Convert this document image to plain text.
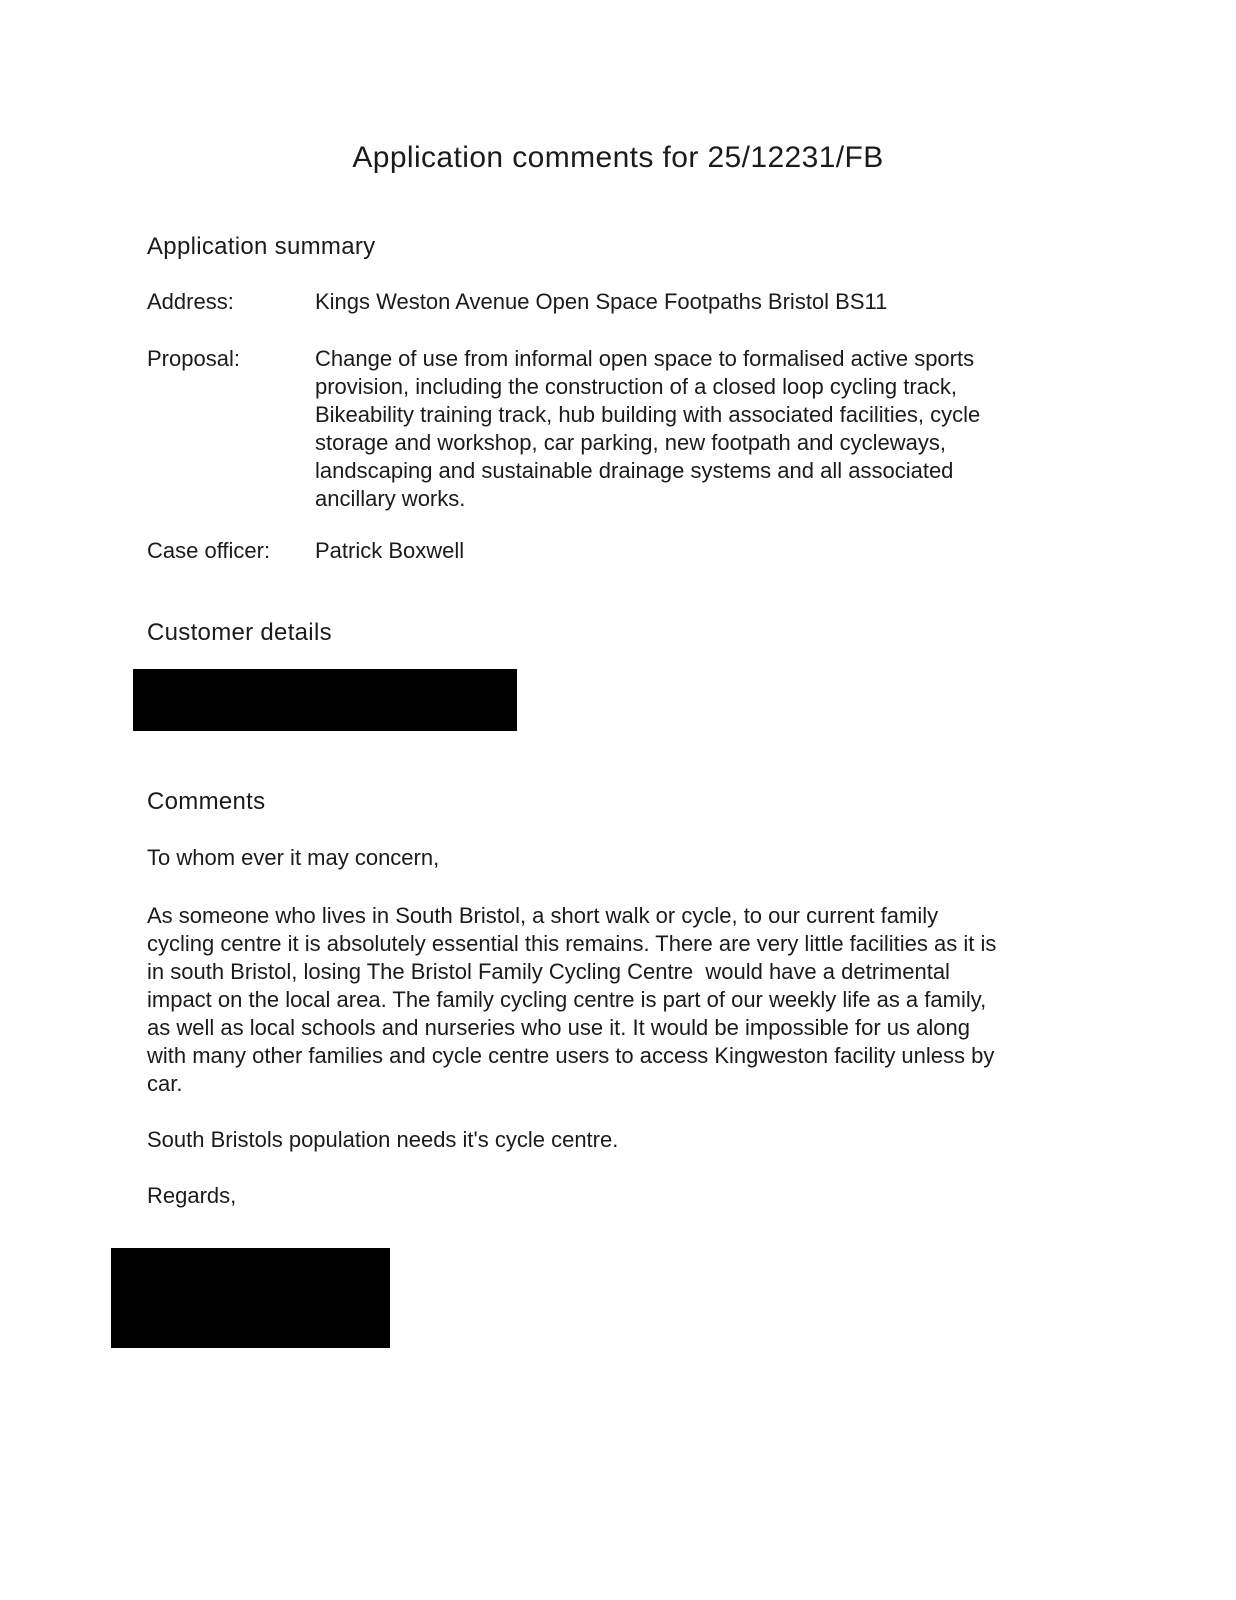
Application comments for 25/12231/FB
Application summary
Address:	Kings Weston Avenue Open Space Footpaths Bristol BS11
Proposal:	Change of use from informal open space to formalised active sports
provision, including the construction of a closed loop cycling track,
Bikeability training track, hub building with associated facilities, cycle
storage and workshop, car parking, new footpath and cycleways,
landscaping and sustainable drainage systems and all associated
ancillary works.
Case officer:	Patrick Boxwell
Customer details
Comments

To whom ever it may concern,

As someone who lives in South Bristol, a short walk or cycle, to our current family
cycling centre it is absolutely essential this remains. There are very little facilities as it is
in south Bristol, losing The Bristol Family Cycling Centre  would have a detrimental
impact on the local area. The family cycling centre is part of our weekly life as a family,
as well as local schools and nurseries who use it. It would be impossible for us along
with many other families and cycle centre users to access Kingweston facility unless by
car.

South Bristols population needs it's cycle centre.

Regards,
